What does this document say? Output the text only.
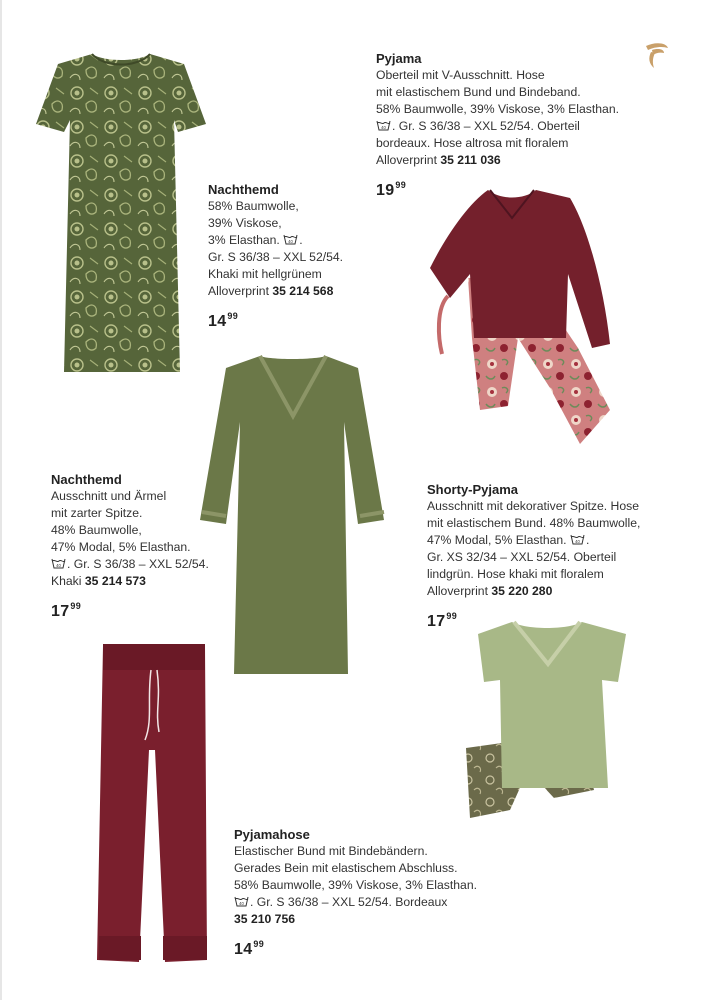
Pyjama
Oberteil mit V-Ausschnitt. Hose
mit elastischem Bund und Bindeband.
58% Baumwolle, 39% Viskose, 3% Elasthan.
40 . Gr. S 36/38 – XXL 52/54. Oberteil
bordeaux. Hose altrosa mit floralem
Alloverprint 35 211 036
$19^{99}$
Nachthemd
58% Baumwolle,
39% Viskose,
3% Elasthan. 40 .
Gr. S 36/38 – XXL 52/54.
Khaki mit hellgrünem
Alloverprint 35 214 568
$14^{99}$
Nachthemd
Ausschnitt und Ärmel
mit zarter Spitze.
48% Baumwolle,
47% Modal, 5% Elasthan.
40 . Gr. S 36/38 – XXL 52/54.
Khaki 35 214 573
$17^{99}$
Shorty-Pyjama
Ausschnitt mit dekorativer Spitze. Hose
mit elastischem Bund. 48% Baumwolle,
47% Modal, 5% Elasthan. 40 .
Gr. XS 32/34 – XXL 52/54. Oberteil
lindgrün. Hose khaki mit floralem
Alloverprint 35 220 280
$17^{99}$
Pyjamahose
Elastischer Bund mit Bindebändern.
Gerades Bein mit elastischem Abschluss.
58% Baumwolle, 39% Viskose, 3% Elasthan.
40 . Gr. S 36/38 – XXL 52/54. Bordeaux
35 210 756
$14^{99}$
